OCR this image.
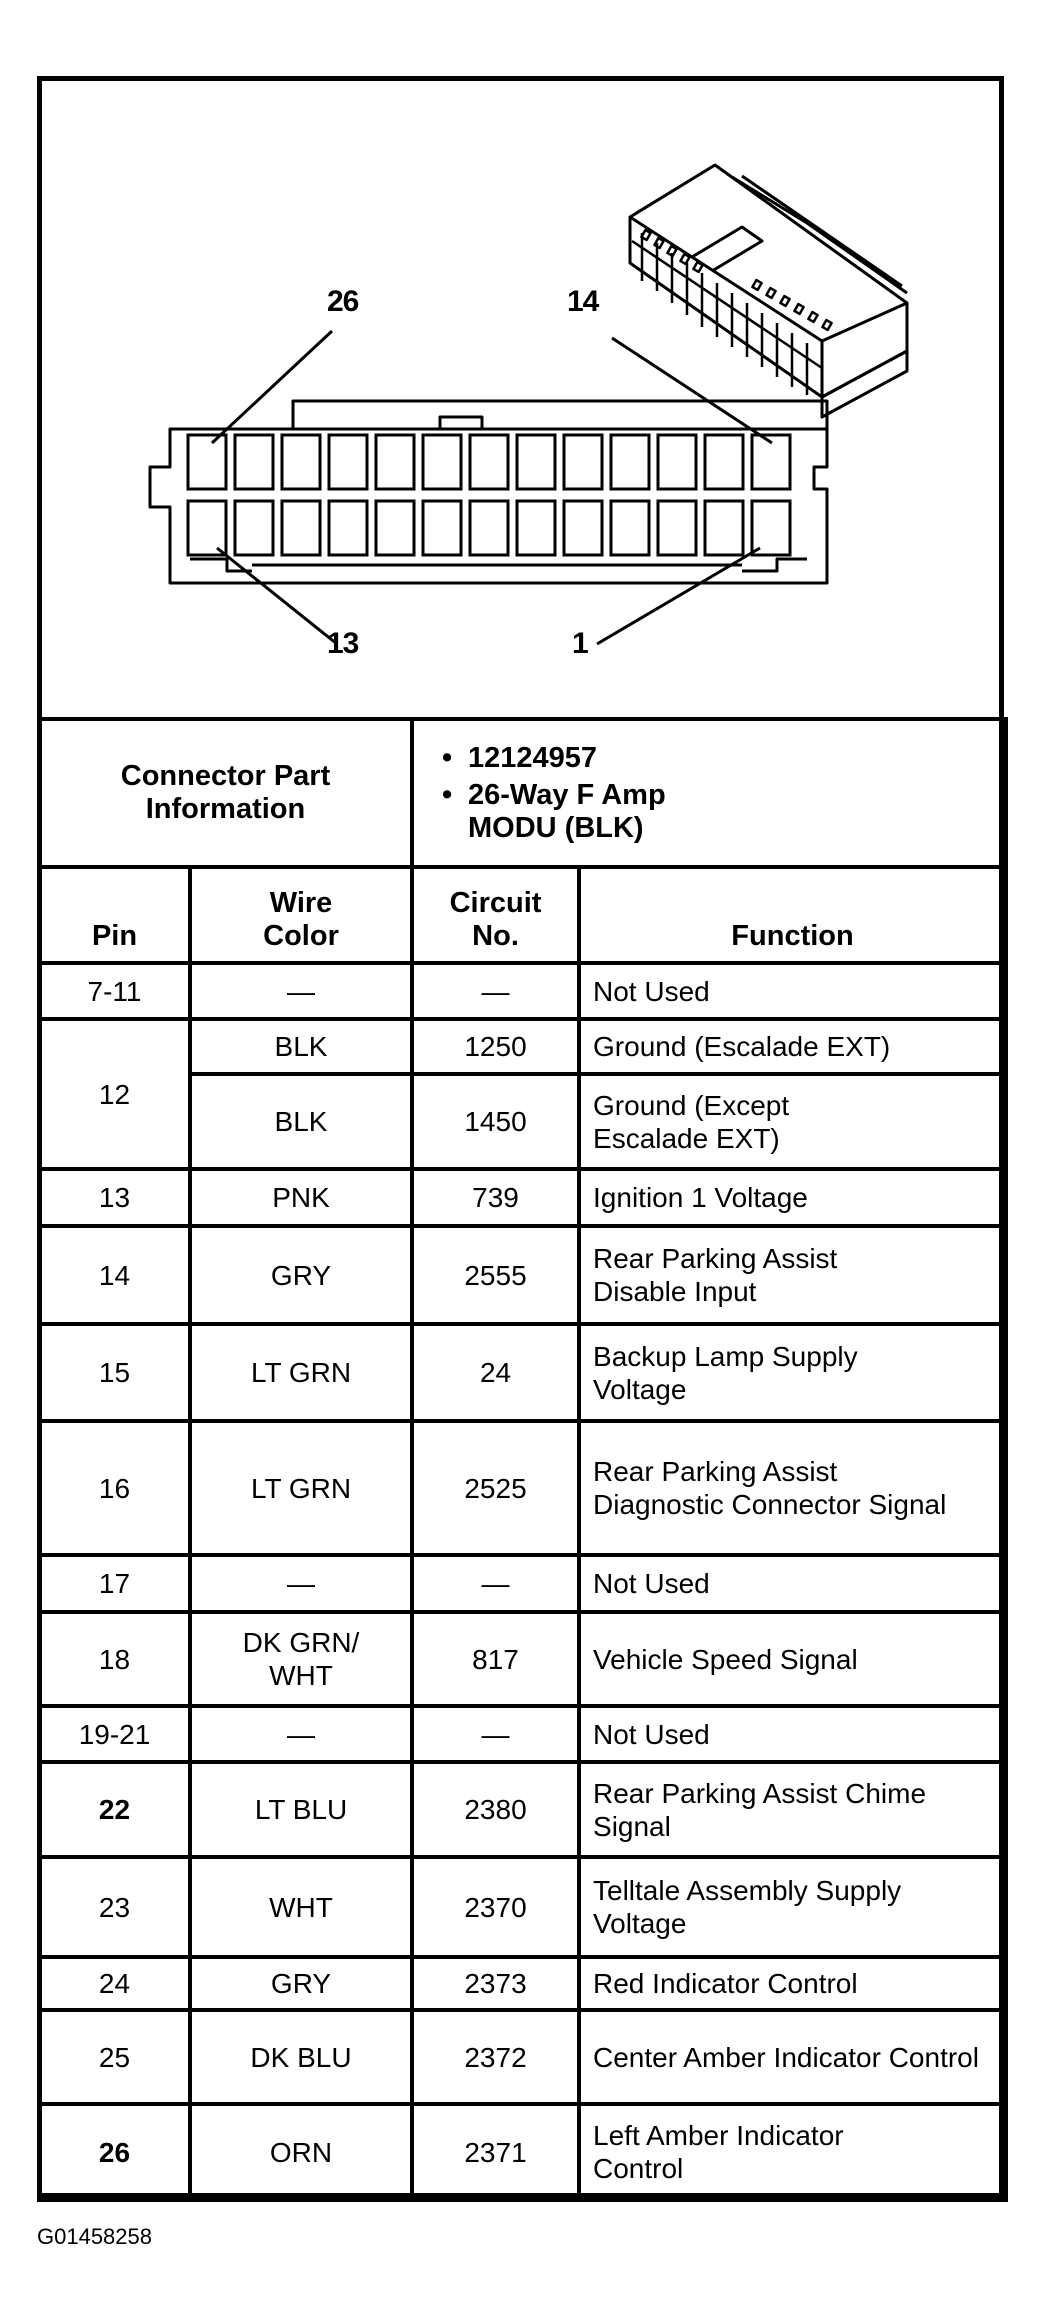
26	14
13	1
Connector Part Information		• 12124957
• 26-Way F Amp MODU (BLK)

Pin	Wire Color	Circuit No.	Function
7-11	—	—	Not Used
12	BLK	1250	Ground (Escalade EXT)
	BLK	1450	Ground (Except Escalade EXT)

13	PNK	739	Ignition 1 Voltage
14	GRY	2555	Rear Parking Assist Disable Input

15	LT GRN	24	Backup Lamp Supply Voltage

16	LT GRN	2525	Rear Parking Assist Diagnostic Connector Signal

17	—	—	Not Used
18	DK GRN/ WHT	817	Vehicle Speed Signal
19-21	—	—	Not Used
22	LT BLU	2380	Rear Parking Assist Chime Signal

23	WHT	2370	Telltale Assembly Supply Voltage

24	GRY	2373	Red Indicator Control
25	DK BLU	2372	Center Amber Indicator Control

26	ORN	2371	Left Amber Indicator Control
G01458258
